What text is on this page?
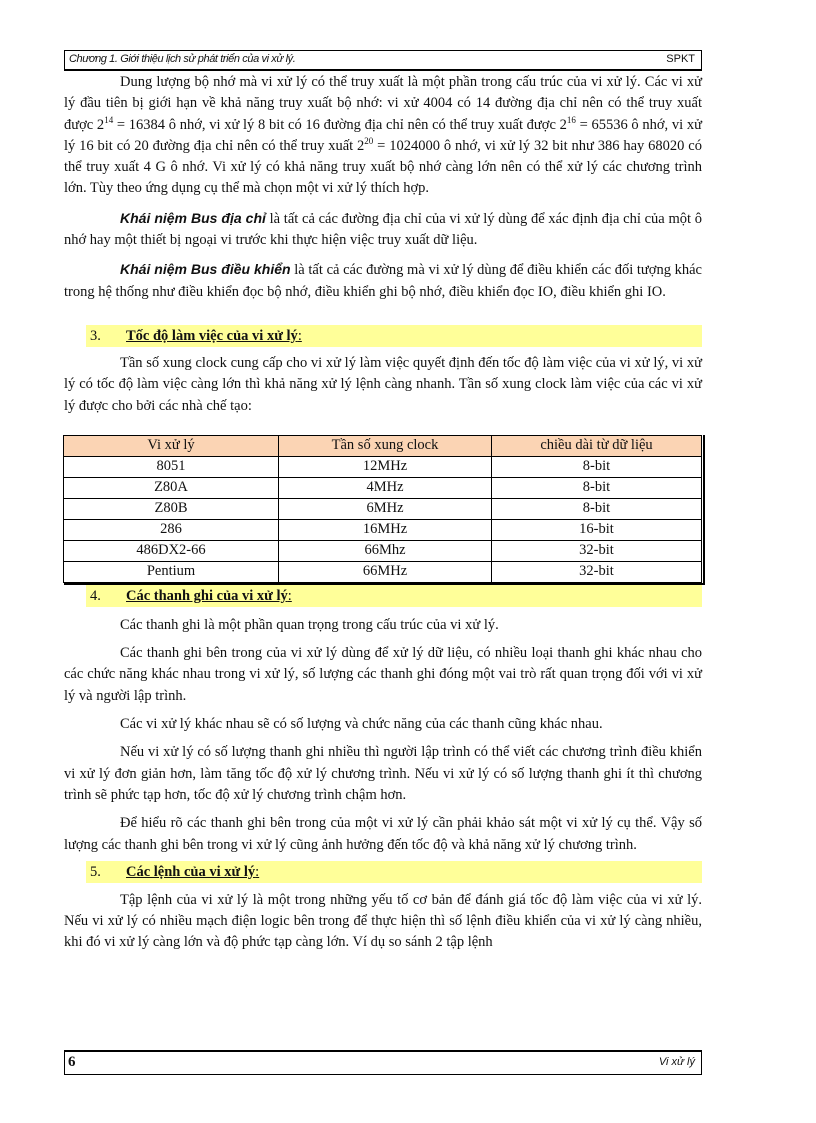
Chương 1. Giới thiệu lịch sử phát triển của vi xử lý.	SPKT

Dung lượng bộ nhớ mà vi xử lý có thể truy xuất là một phần trong cấu trúc của vi xử lý. Các vi xử lý đầu tiên bị giới hạn về khả năng truy xuất bộ nhớ: vi xử 4004 có 14 đường địa chỉ nên có thể truy xuất được $2^{14} = 16384$ ô nhớ, vi xử lý 8 bit có 16 đường địa chỉ nên có thể truy xuất được $2^{16} = 65536$ ô nhớ, vi xử lý 16 bit có 20 đường địa chỉ nên có thể truy xuất $2^{20} = 1024000$ ô nhớ, vi xử lý 32 bit như 386 hay 68020 có thể truy xuất 4 G ô nhớ. Vi xử lý có khả năng truy xuất bộ nhớ càng lớn nên có thể xử lý các chương trình lớn. Tùy theo ứng dụng cụ thể mà chọn một vi xử lý thích hợp.

Khái niệm Bus địa chỉ là tất cả các đường địa chỉ của vi xử lý dùng để xác định địa chỉ của một ô nhớ hay một thiết bị ngoại vi trước khi thực hiện việc truy xuất dữ liệu.

Khái niệm Bus điều khiển là tất cả các đường mà vi xử lý dùng để điều khiển các đối tượng khác trong hệ thống như điều khiển đọc bộ nhớ, điều khiển ghi bộ nhớ, điều khiển đọc IO, điều khiển ghi IO.

3. Tốc độ làm việc của vi xử lý:

Tần số xung clock cung cấp cho vi xử lý làm việc quyết định đến tốc độ làm việc của vi xử lý, vi xử lý có tốc độ làm việc càng lớn thì khả năng xử lý lệnh càng nhanh. Tần số xung clock làm việc của các vi xử lý được cho bởi các nhà chế tạo:

Vi xử lý	Tần số xung clock	chiều dài từ dữ liệu
8051	12MHz	8-bit
Z80A	4MHz	8-bit
Z80B	6MHz	8-bit
286	16MHz	16-bit
486DX2-66	66Mhz	32-bit
Pentium	66MHz	32-bit
4. Các thanh ghi của vi xử lý:

Các thanh ghi là một phần quan trọng trong cấu trúc của vi xử lý.

Các thanh ghi bên trong của vi xử lý dùng để xử lý dữ liệu, có nhiều loại thanh ghi khác nhau cho các chức năng khác nhau trong vi xử lý, số lượng các thanh ghi đóng một vai trò rất quan trọng đối với vi xử lý và người lập trình.

Các vi xử lý khác nhau sẽ có số lượng và chức năng của các thanh cũng khác nhau.

Nếu vi xử lý có số lượng thanh ghi nhiều thì người lập trình có thể viết các chương trình điều khiển vi xử lý đơn giản hơn, làm tăng tốc độ xử lý chương trình. Nếu vi xử lý có số lượng thanh ghi ít thì chương trình sẽ phức tạp hơn, tốc độ xử lý chương trình chậm hơn.

Để hiểu rõ các thanh ghi bên trong của một vi xử lý cần phải khảo sát một vi xử lý cụ thể. Vậy số lượng các thanh ghi bên trong vi xử lý cũng ảnh hưởng đến tốc độ và khả năng xử lý chương trình.

5. Các lệnh của vi xử lý:

Tập lệnh của vi xử lý là một trong những yếu tố cơ bản để đánh giá tốc độ làm việc của vi xử lý. Nếu vi xử lý có nhiều mạch điện logic bên trong để thực hiện thì số lệnh điều khiển của vi xử lý càng nhiều, khi đó vi xử lý càng lớn và độ phức tạp càng lớn. Ví dụ so sánh 2 tập lệnh

6	Vi xử lý
